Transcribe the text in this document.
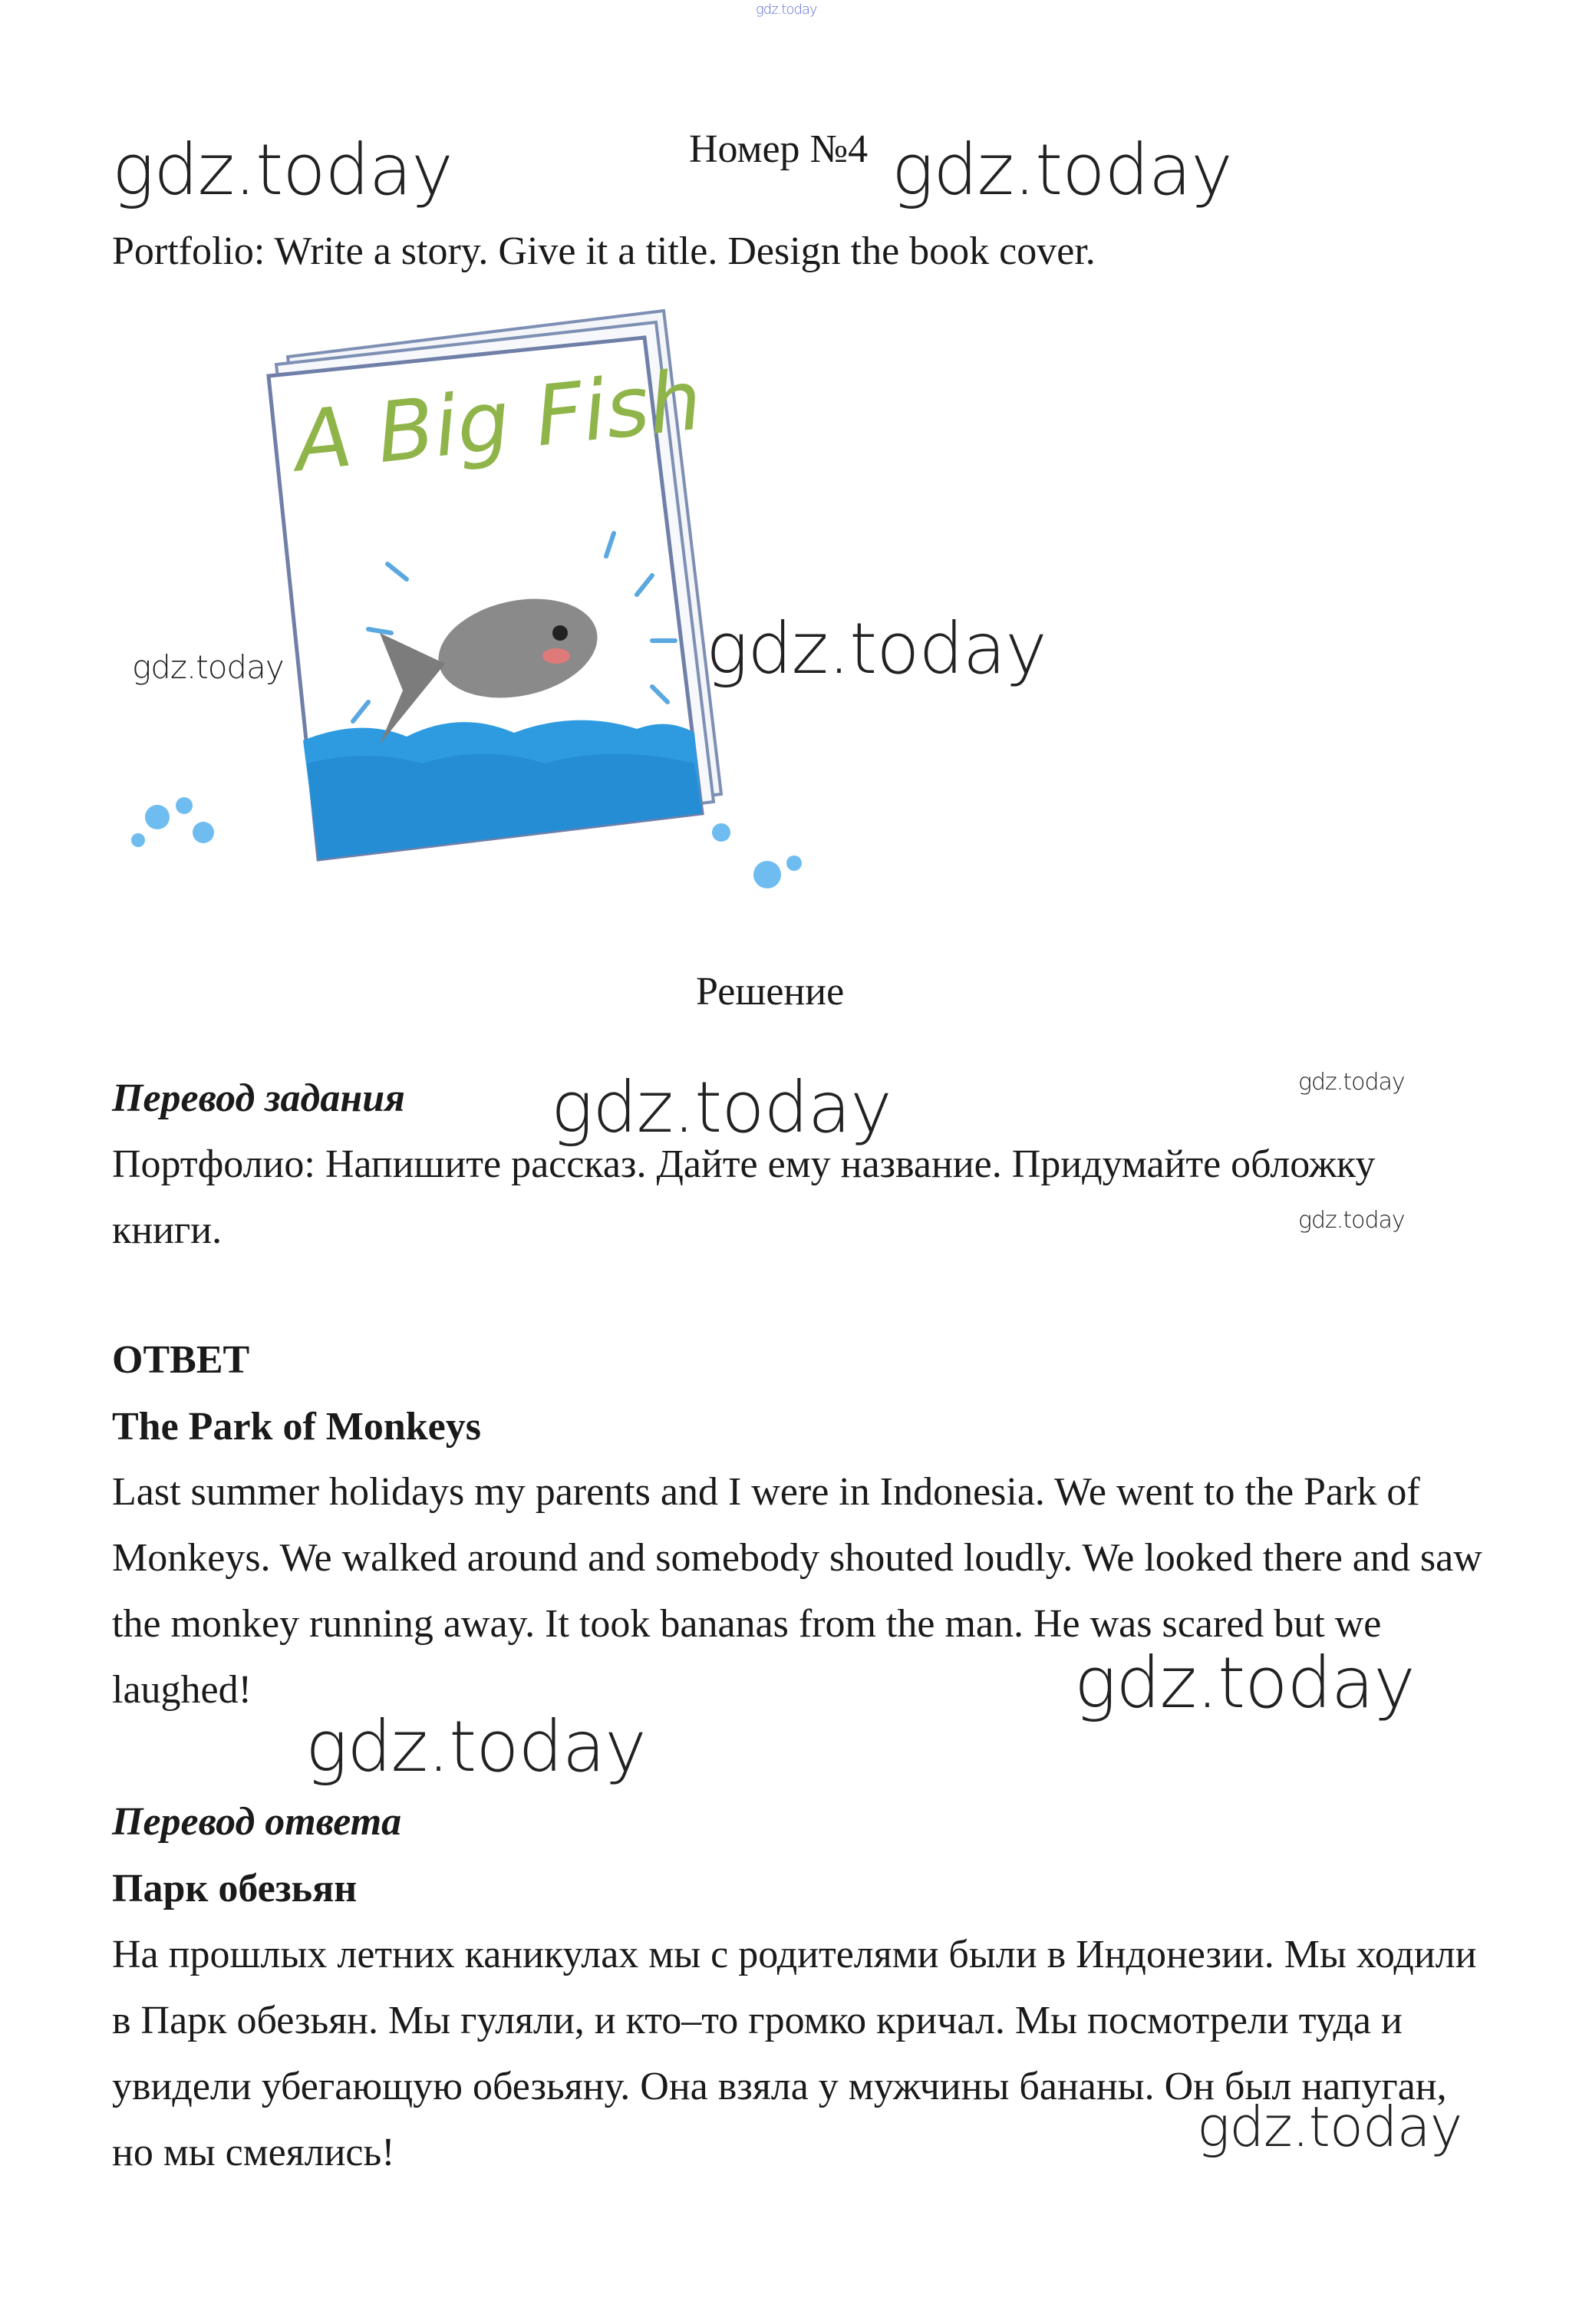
gdz.today
gdz.today	Номер №4 gdz.today
Portfolio: Write a story. Give it a title. Design the book cover.
A Big Fish
gdz.today	gdz.today
Решение
Перевод задания gdz.today	gdz.today
Портфолио: Напишите рассказ. Дайте ему название. Придумайте обложку книги.	gdz.today
ОТВЕТ
The Park of Monkeys
Last summer holidays my parents and I were in Indonesia. We went to the Park of Monkeys. We walked around and somebody shouted loudly. We looked there and saw the monkey running away. It took bananas from the man. He was scared but we laughed!	gdz.today
gdz.today
Перевод ответа
Парк обезьян
На прошлых летних каникулах мы с родителями были в Индонезии. Мы ходили в Парк обезьян. Мы гуляли, и кто–то громко кричал. Мы посмотрели туда и увидели убегающую обезьяну. Она взяла у мужчины бананы. Он был напуган, но мы смеялись!	gdz.today
